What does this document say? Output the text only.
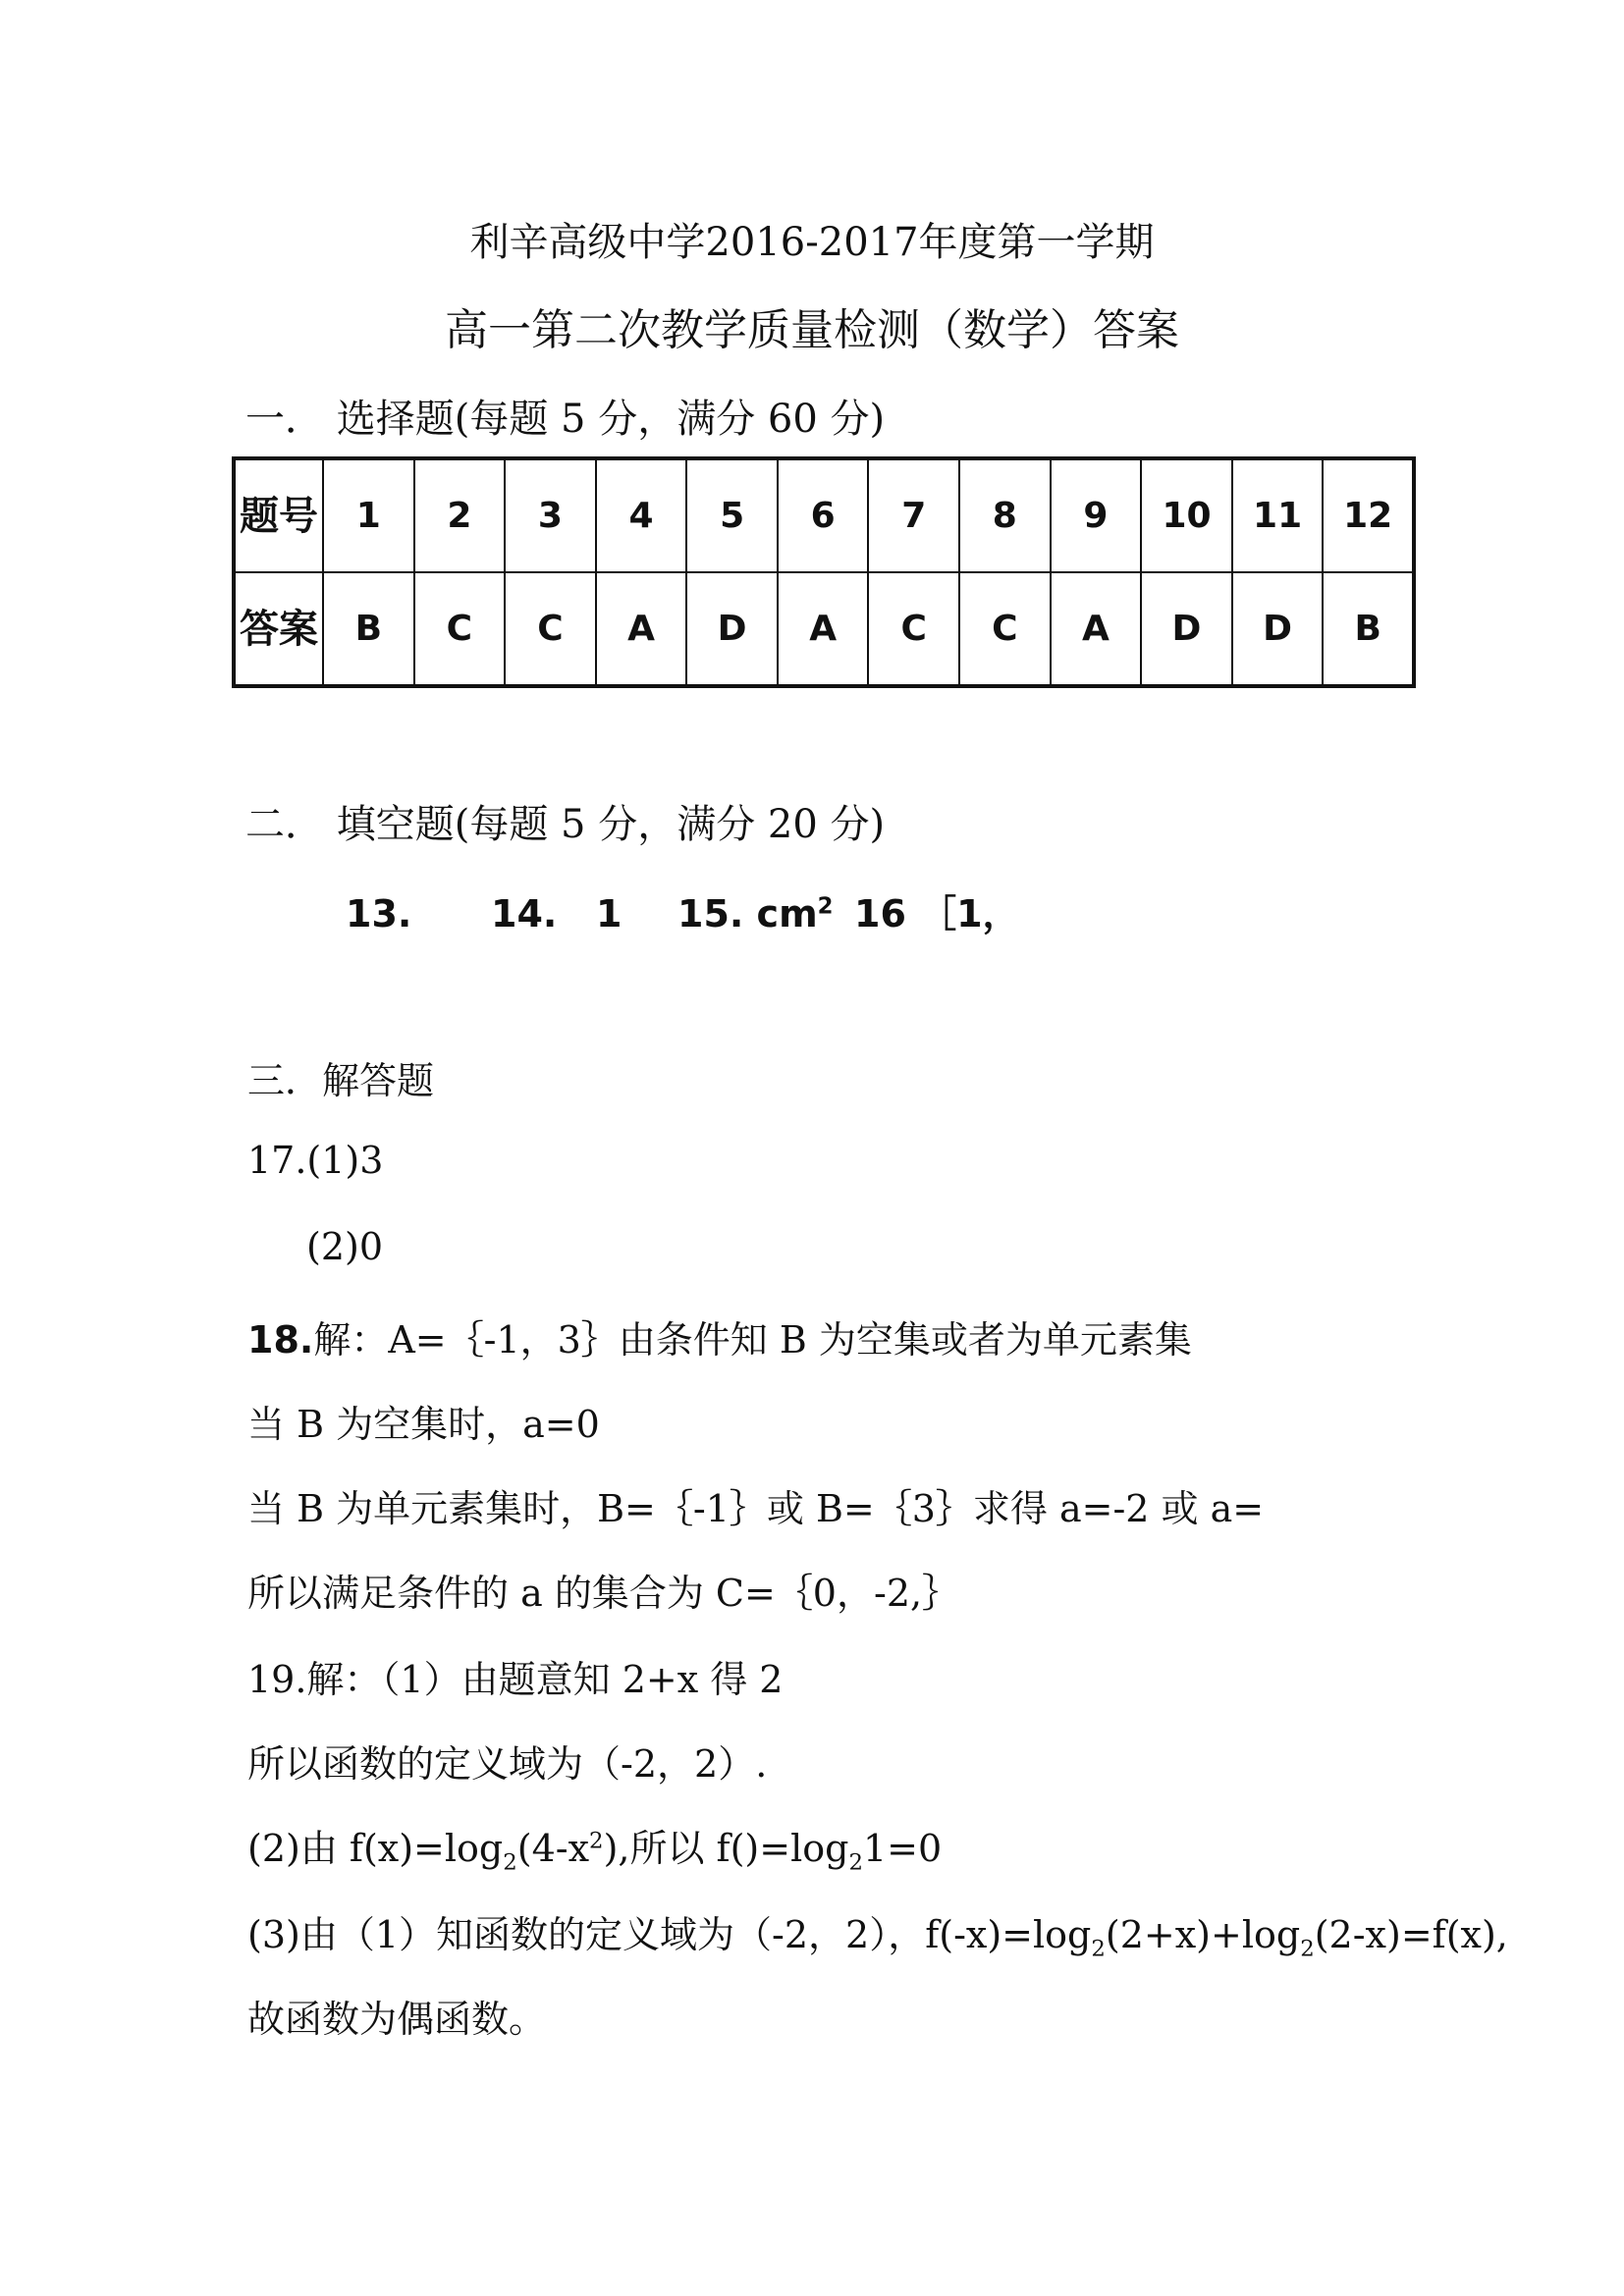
利辛高级中学2016-2017年度第一学期
高一第二次教学质量检测（数学）答案
一． 选择题(每题 5 分，满分 60 分)
题号	1	2	3	4	5	6	7	8	9	10	11	12
答案	B	C	C	A	D	A	C	C	A	D	D	B
二． 填空题(每题 5 分，满分 20 分)
13. 14.   1 15. $cm^2$ 16 ［1，
三．解答题
17.(1)3
(2)0
18.解：A=｛-1，3｝由条件知 B 为空集或者为单元素集
当 B 为空集时，a=0
当 B 为单元素集时，B=｛-1｝或 B=｛3｝求得 a=-2 或 a=
所以满足条件的 a 的集合为 C=｛0，-2,｝
19.解：（1）由题意知 2+x 得 2
所以函数的定义域为（-2，2）.
(2)由 $f(x)=\log_2(4-x^2)$,所以 $f()=\log_21=0$
(3)由（1）知函数的定义域为（-2，2），$f(-x)=\log_2(2+x)+\log_2(2-x)=f(x)$,
故函数为偶函数。
